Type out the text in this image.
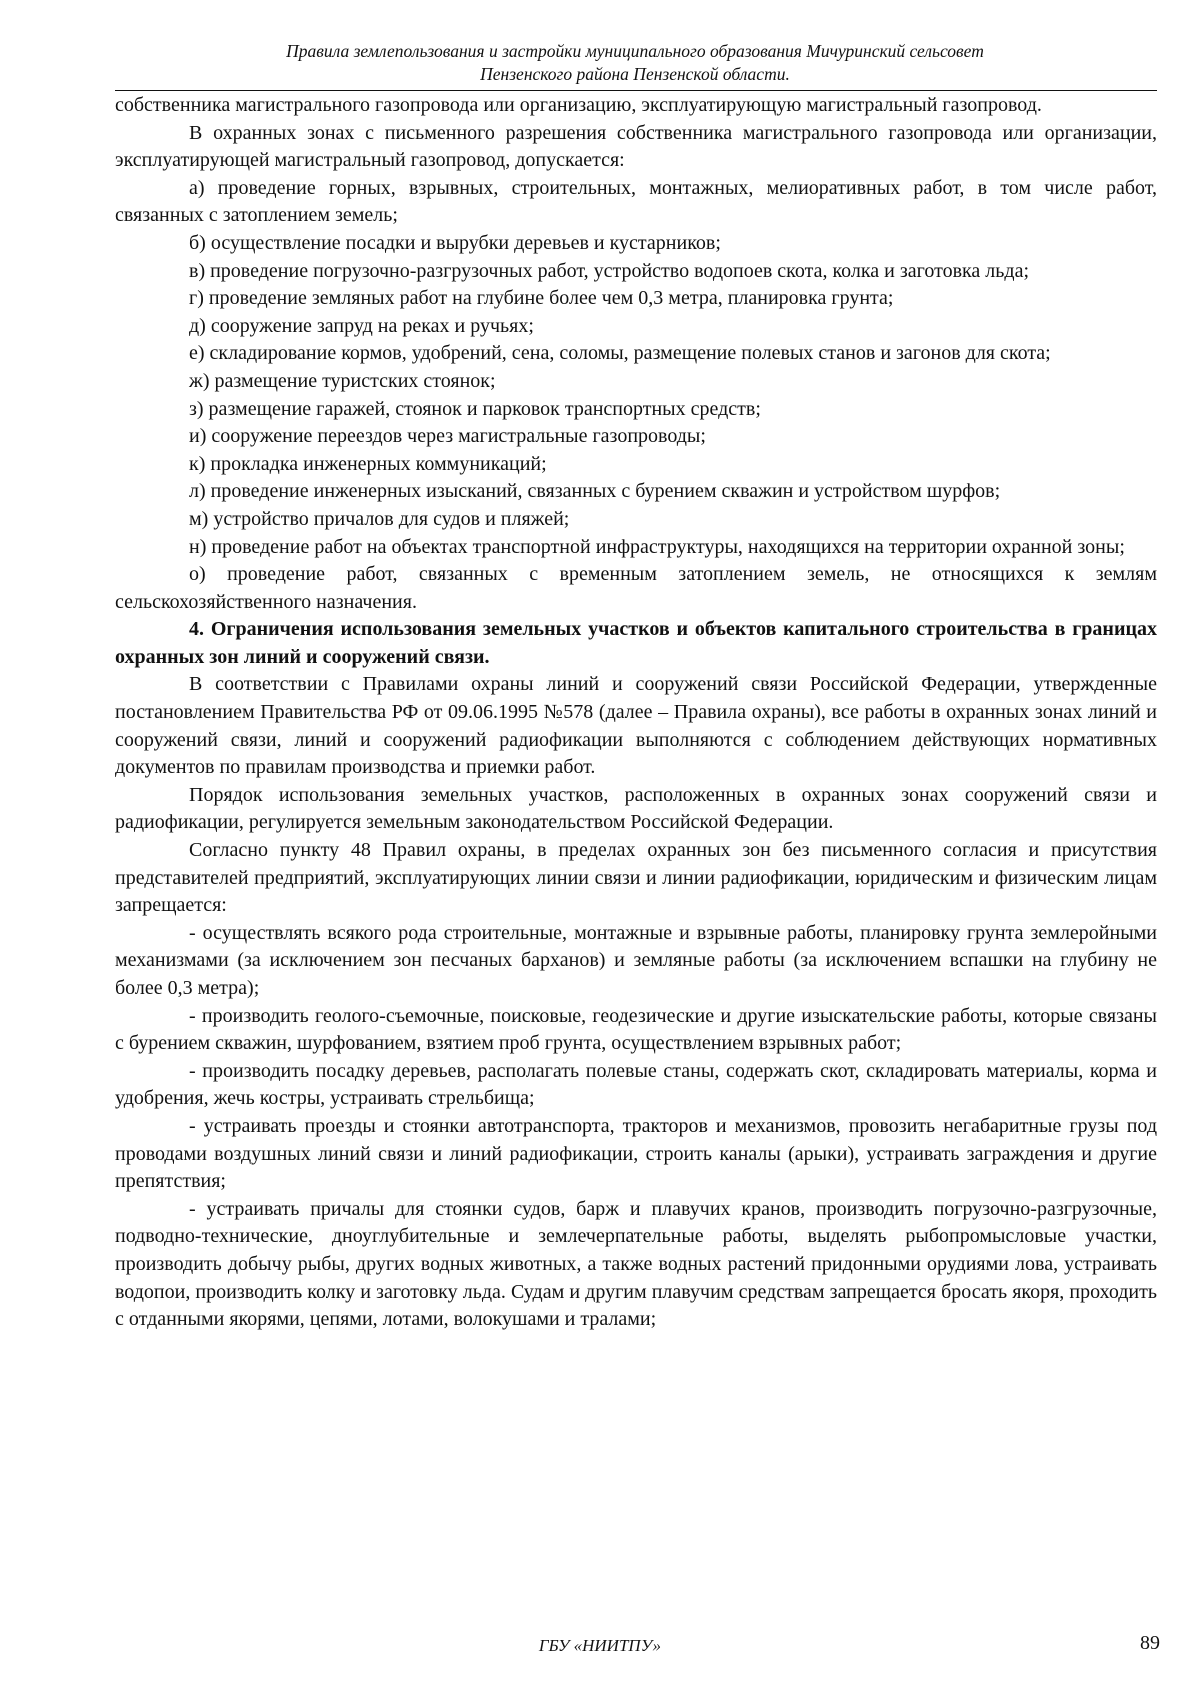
Правила землепользования и застройки муниципального образования Мичуринский сельсовет
Пензенского района Пензенской области.

собственника магистрального газопровода или организацию, эксплуатирующую магистральный газопровод.

В охранных зонах с письменного разрешения собственника магистрального газопровода или организации, эксплуатирующей магистральный газопровод, допускается:

а) проведение горных, взрывных, строительных, монтажных, мелиоративных работ, в том числе работ, связанных с затоплением земель;

б) осуществление посадки и вырубки деревьев и кустарников;

в) проведение погрузочно-разгрузочных работ, устройство водопоев скота, колка и заготовка льда;

г) проведение земляных работ на глубине более чем 0,3 метра, планировка грунта;

д) сооружение запруд на реках и ручьях;

е) складирование кормов, удобрений, сена, соломы, размещение полевых станов и загонов для скота;

ж) размещение туристских стоянок;

з) размещение гаражей, стоянок и парковок транспортных средств;

и) сооружение переездов через магистральные газопроводы;

к) прокладка инженерных коммуникаций;

л) проведение инженерных изысканий, связанных с бурением скважин и устройством шурфов;

м) устройство причалов для судов и пляжей;

н) проведение работ на объектах транспортной инфраструктуры, находящихся на территории охранной зоны;

о) проведение работ, связанных с временным затоплением земель, не относящихся к землям сельскохозяйственного назначения.

4. Ограничения использования земельных участков и объектов капитального строительства в границах охранных зон линий и сооружений связи.

В соответствии с Правилами охраны линий и сооружений связи Российской Федерации, утвержденные постановлением Правительства РФ от 09.06.1995 №578 (далее – Правила охраны), все работы в охранных зонах линий и сооружений связи, линий и сооружений радиофикации выполняются с соблюдением действующих нормативных документов по правилам производства и приемки работ.

Порядок использования земельных участков, расположенных в охранных зонах сооружений связи и радиофикации, регулируется земельным законодательством Российской Федерации.

Согласно пункту 48 Правил охраны, в пределах охранных зон без письменного согласия и присутствия представителей предприятий, эксплуатирующих линии связи и линии радиофикации, юридическим и физическим лицам запрещается:

- осуществлять всякого рода строительные, монтажные и взрывные работы, планировку грунта землеройными механизмами (за исключением зон песчаных барханов) и земляные работы (за исключением вспашки на глубину не более 0,3 метра);

- производить геолого-съемочные, поисковые, геодезические и другие изыскательские работы, которые связаны с бурением скважин, шурфованием, взятием проб грунта, осуществлением взрывных работ;

- производить посадку деревьев, располагать полевые станы, содержать скот, складировать материалы, корма и удобрения, жечь костры, устраивать стрельбища;

- устраивать проезды и стоянки автотранспорта, тракторов и механизмов, провозить негабаритные грузы под проводами воздушных линий связи и линий радиофикации, строить каналы (арыки), устраивать заграждения и другие препятствия;

- устраивать причалы для стоянки судов, барж и плавучих кранов, производить погрузочно-разгрузочные, подводно-технические, дноуглубительные и землечерпательные работы, выделять рыбопромысловые участки, производить добычу рыбы, других водных животных, а также водных растений придонными орудиями лова, устраивать водопои, производить колку и заготовку льда. Судам и другим плавучим средствам запрещается бросать якоря, проходить с отданными якорями, цепями, лотами, волокушами и тралами;

ГБУ «НИИТПУ»	89
